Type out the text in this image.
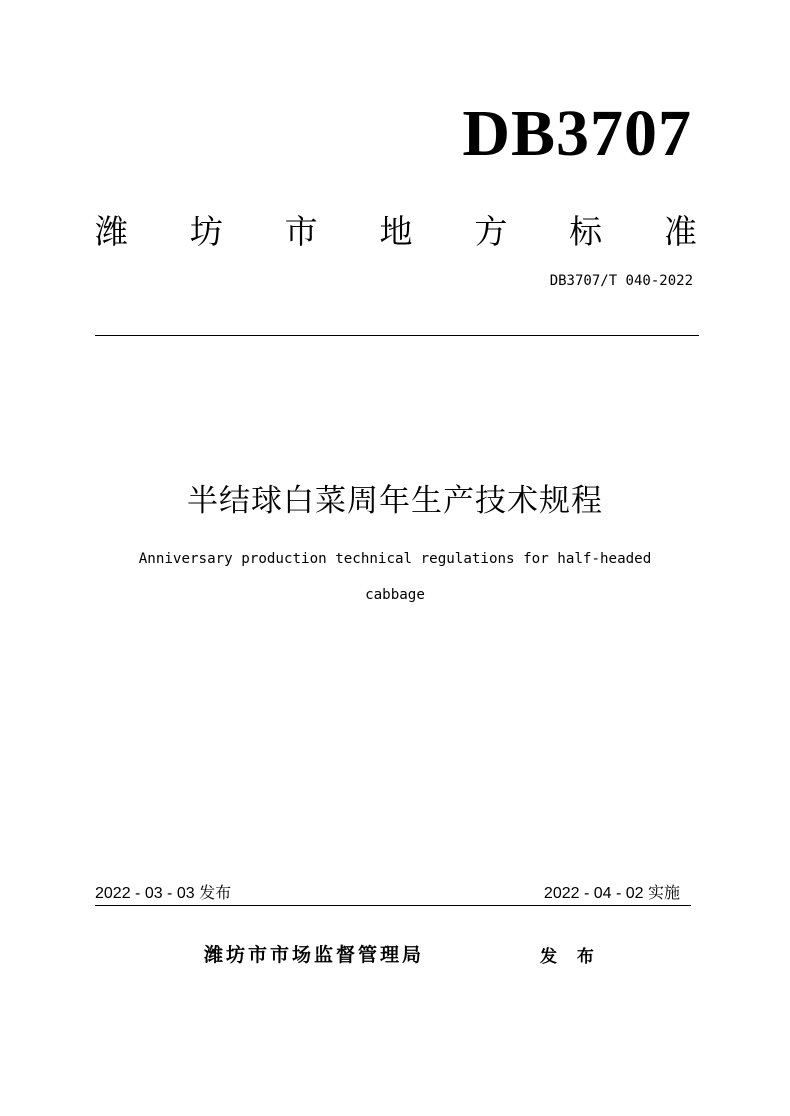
DB3707
潍 坊 市 地 方 标 准
DB3707/T 040-2022
半结球白菜周年生产技术规程
Anniversary production technical regulations for half-headed cabbage
2022 - 03 - 03 发布	2022 - 04 - 02 实施
潍坊市市场监督管理局	发 布
